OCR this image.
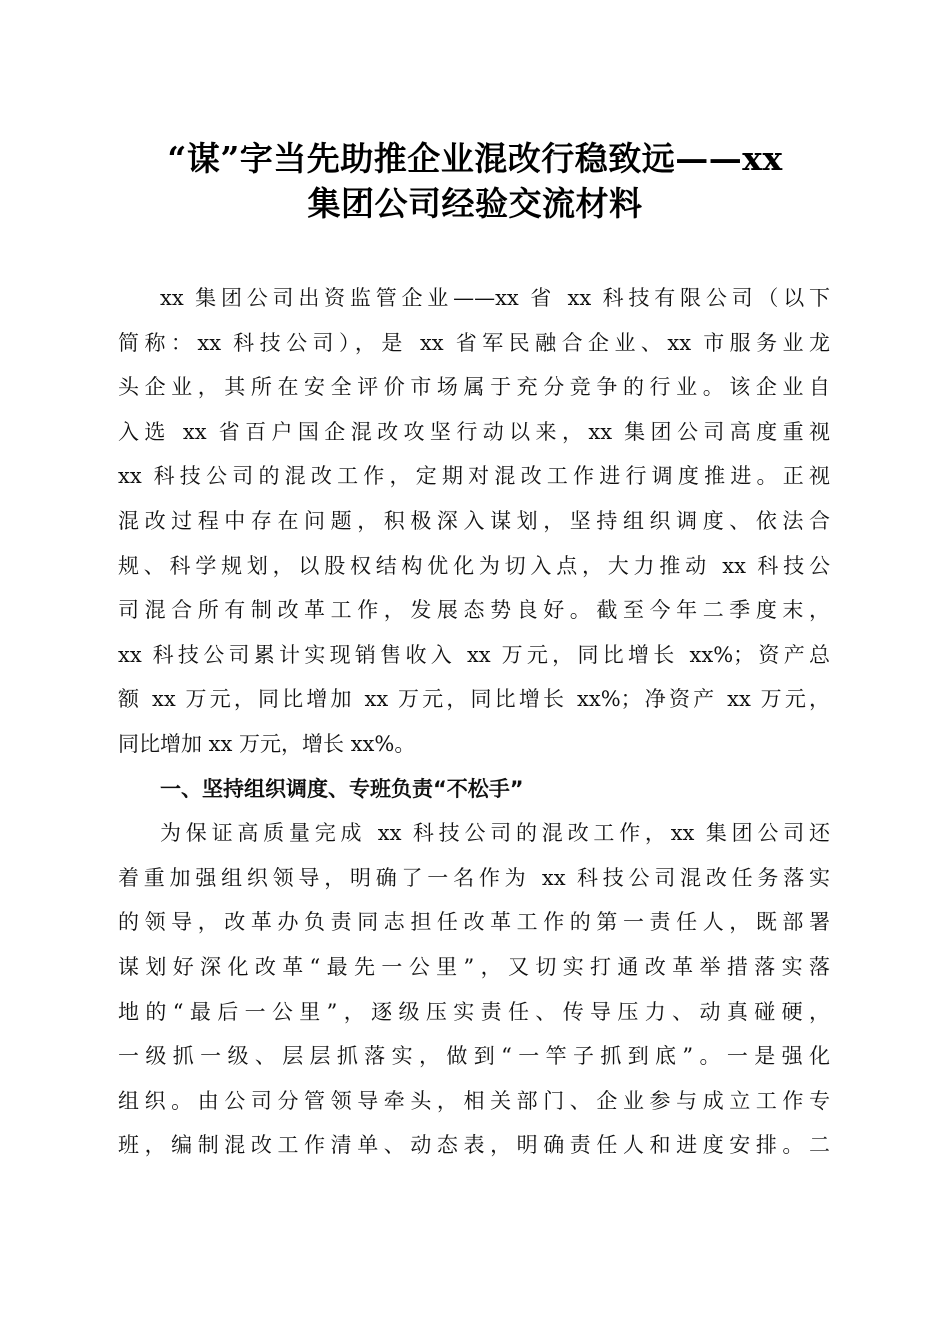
“谋”字当先助推企业混改行稳致远——xx
集团公司经验交流材料
xx 集团公司出资监管企业——xx 省 xx 科技有限公司（以下
简称：xx 科技公司），是 xx 省军民融合企业、xx 市服务业龙
头企业，其所在安全评价市场属于充分竞争的行业。该企业自
入选 xx 省百户国企混改攻坚行动以来，xx 集团公司高度重视
xx 科技公司的混改工作，定期对混改工作进行调度推进。正视
混改过程中存在问题，积极深入谋划，坚持组织调度、依法合
规、科学规划，以股权结构优化为切入点，大力推动 xx 科技公
司混合所有制改革工作，发展态势良好。截至今年二季度末，
xx 科技公司累计实现销售收入 xx 万元，同比增长 xx%；资产总
额 xx 万元，同比增加 xx 万元，同比增长 xx%；净资产 xx 万元，
同比增加 xx 万元，增长 xx%。
一、坚持组织调度、专班负责“不松手”
为保证高质量完成 xx 科技公司的混改工作，xx 集团公司还
着重加强组织领导，明确了一名作为 xx 科技公司混改任务落实
的领导，改革办负责同志担任改革工作的第一责任人，既部署
谋划好深化改革“最先一公里”，又切实打通改革举措落实落
地的“最后一公里”，逐级压实责任、传导压力、动真碰硬，
一级抓一级、层层抓落实，做到“一竿子抓到底”。一是强化
组织。由公司分管领导牵头，相关部门、企业参与成立工作专
班，编制混改工作清单、动态表，明确责任人和进度安排。二
